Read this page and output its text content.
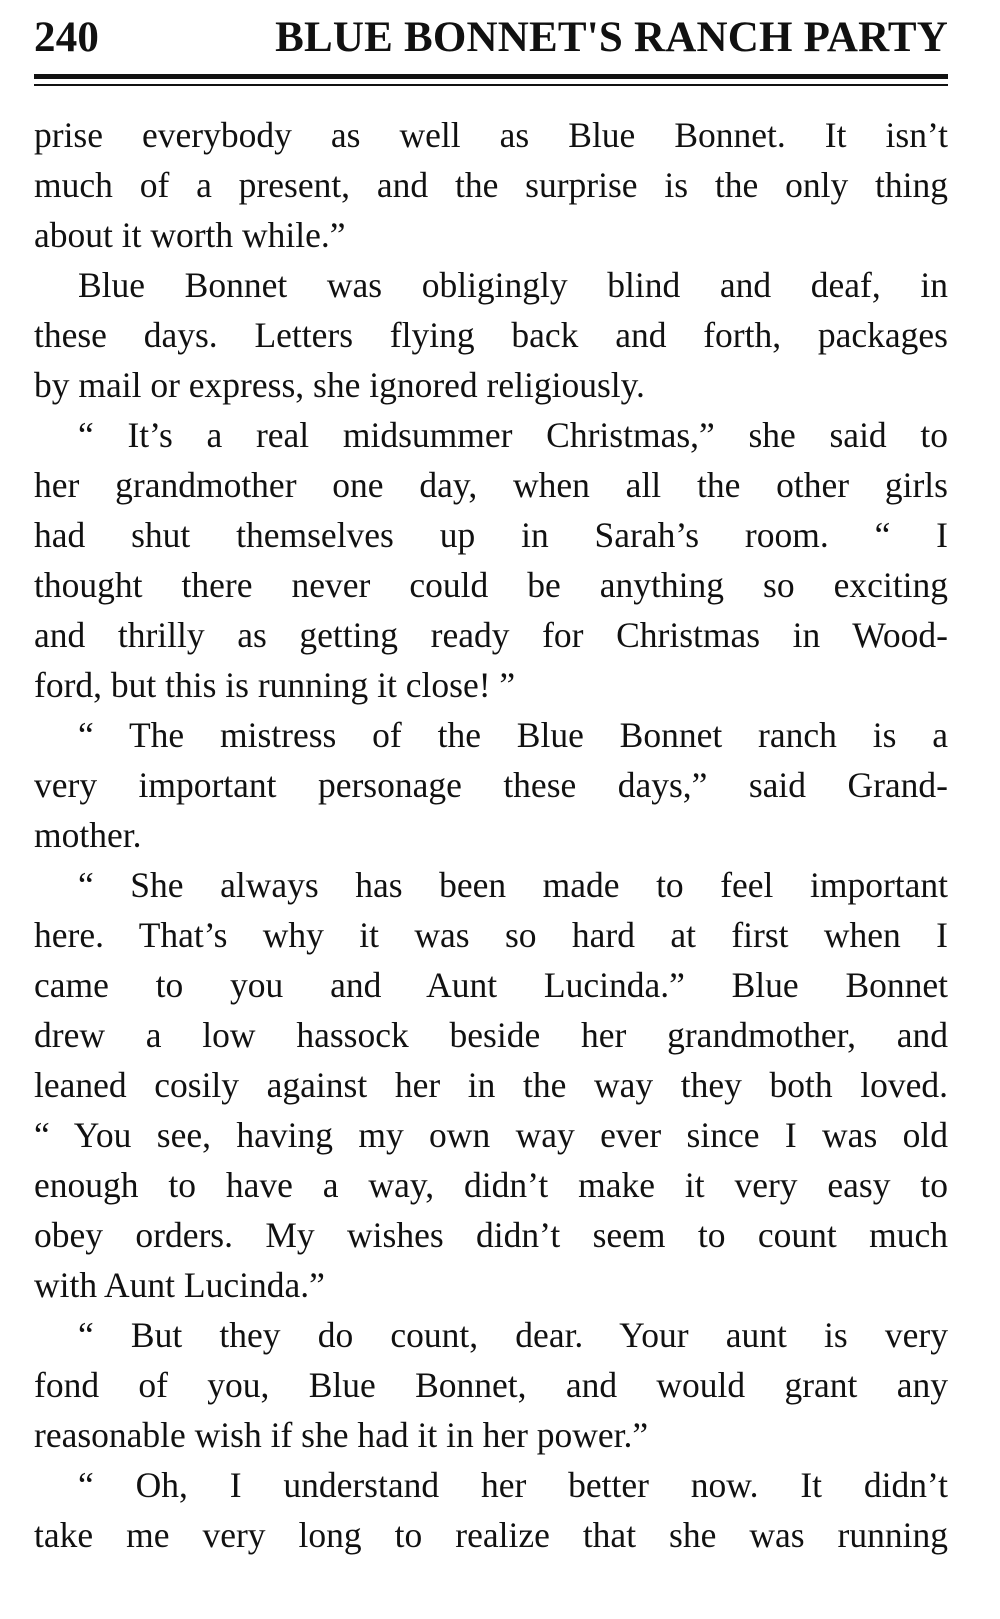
240	BLUE BONNET'S RANCH PARTY
prise everybody as well as Blue Bonnet. It isn’t
much of a present, and the surprise is the only thing
about it worth while.”
Blue Bonnet was obligingly blind and deaf, in
these days. Letters flying back and forth, packages
by mail or express, she ignored religiously.
“ It’s a real midsummer Christmas,” she said to
her grandmother one day, when all the other girls
had shut themselves up in Sarah’s room. “ I
thought there never could be anything so exciting
and thrilly as getting ready for Christmas in Wood-
ford, but this is running it close! ”
“ The mistress of the Blue Bonnet ranch is a
very important personage these days,” said Grand-
mother.
“ She always has been made to feel important
here. That’s why it was so hard at first when I
came to you and Aunt Lucinda.” Blue Bonnet
drew a low hassock beside her grandmother, and
leaned cosily against her in the way they both loved.
“ You see, having my own way ever since I was old
enough to have a way, didn’t make it very easy to
obey orders. My wishes didn’t seem to count much
with Aunt Lucinda.”
“ But they do count, dear. Your aunt is very
fond of you, Blue Bonnet, and would grant any
reasonable wish if she had it in her power.”
“ Oh, I understand her better now. It didn’t
take me very long to realize that she was running
